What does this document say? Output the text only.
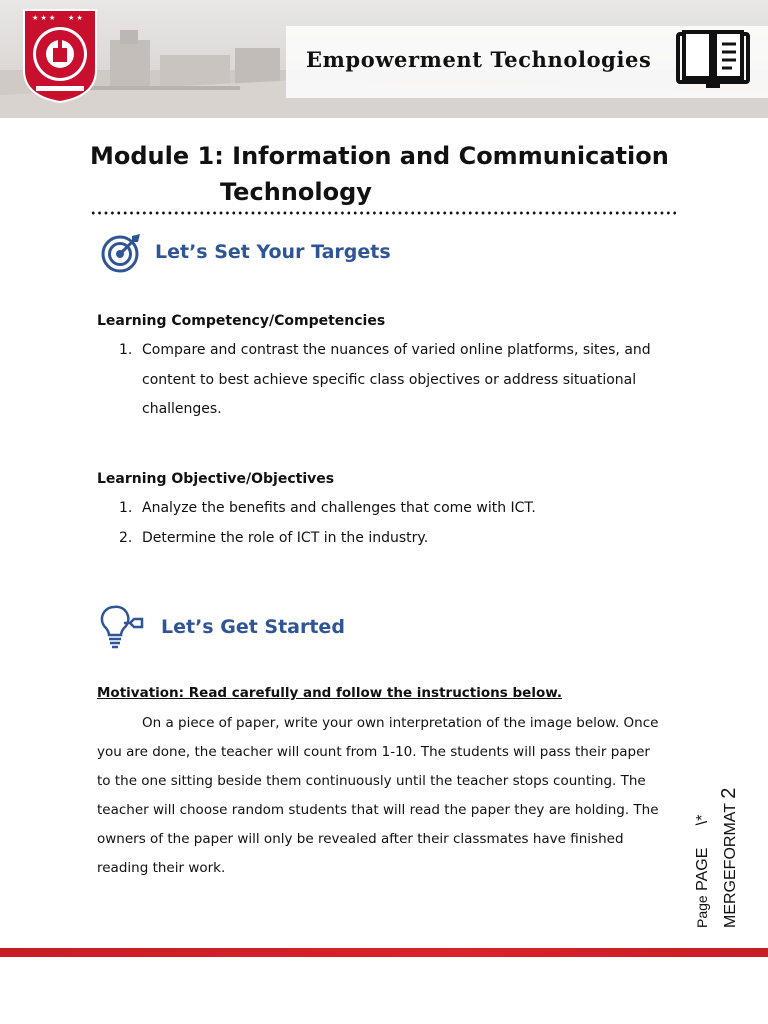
★ ★ ★ ★ ★
Empowerment Technologies
Module 1: Information and Communication
Technology
Let’s Set Your Targets
Learning Competency/Competencies
1. Compare and contrast the nuances of varied online platforms, sites, and content to best achieve specific class objectives or address situational challenges.
Learning Objective/Objectives
1. Analyze the benefits and challenges that come with ICT.
2. Determine the role of ICT in the industry.
Let’s Get Started
Motivation: Read carefully and follow the instructions below.
On a piece of paper, write your own interpretation of the image below. Once you are done, the teacher will count from 1-10. The students will pass their paper to the one sitting beside them continuously until the teacher stops counting. The teacher will choose random students that will read the paper they are holding. The owners of the paper will only be revealed after their classmates have finished reading their work.
Page PAGE     \* MERGEFORMAT 2
